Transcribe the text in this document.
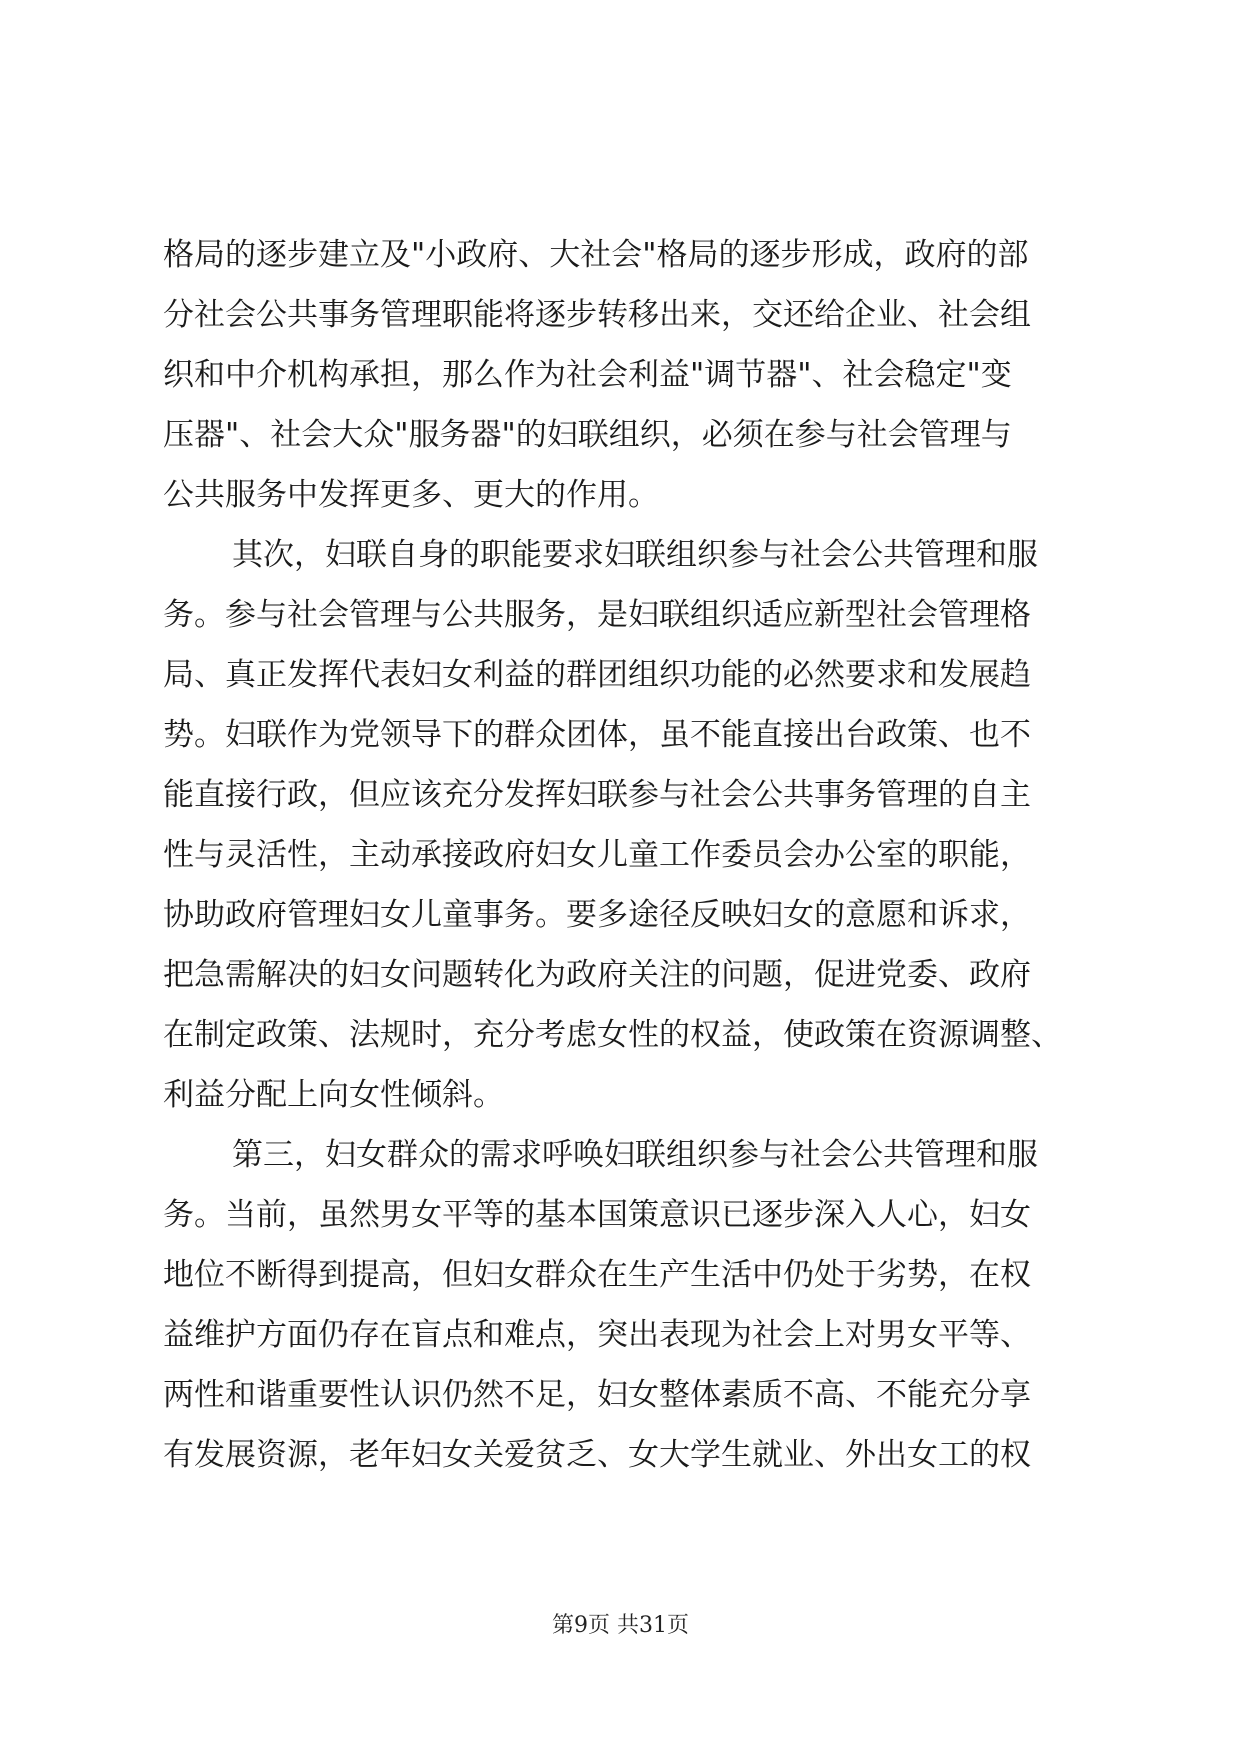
格局的逐步建立及"小政府、大社会"格局的逐步形成，政府的部
分社会公共事务管理职能将逐步转移出来，交还给企业、社会组
织和中介机构承担，那么作为社会利益"调节器"、社会稳定"变
压器"、社会大众"服务器"的妇联组织，必须在参与社会管理与
公共服务中发挥更多、更大的作用。
其次，妇联自身的职能要求妇联组织参与社会公共管理和服
务。参与社会管理与公共服务，是妇联组织适应新型社会管理格
局、真正发挥代表妇女利益的群团组织功能的必然要求和发展趋
势。妇联作为党领导下的群众团体，虽不能直接出台政策、也不
能直接行政，但应该充分发挥妇联参与社会公共事务管理的自主
性与灵活性，主动承接政府妇女儿童工作委员会办公室的职能，
协助政府管理妇女儿童事务。要多途径反映妇女的意愿和诉求，
把急需解决的妇女问题转化为政府关注的问题，促进党委、政府
在制定政策、法规时，充分考虑女性的权益，使政策在资源调整、
利益分配上向女性倾斜。
第三，妇女群众的需求呼唤妇联组织参与社会公共管理和服
务。当前，虽然男女平等的基本国策意识已逐步深入人心，妇女
地位不断得到提高，但妇女群众在生产生活中仍处于劣势，在权
益维护方面仍存在盲点和难点，突出表现为社会上对男女平等、
两性和谐重要性认识仍然不足，妇女整体素质不高、不能充分享
有发展资源，老年妇女关爱贫乏、女大学生就业、外出女工的权
第9页 共31页
